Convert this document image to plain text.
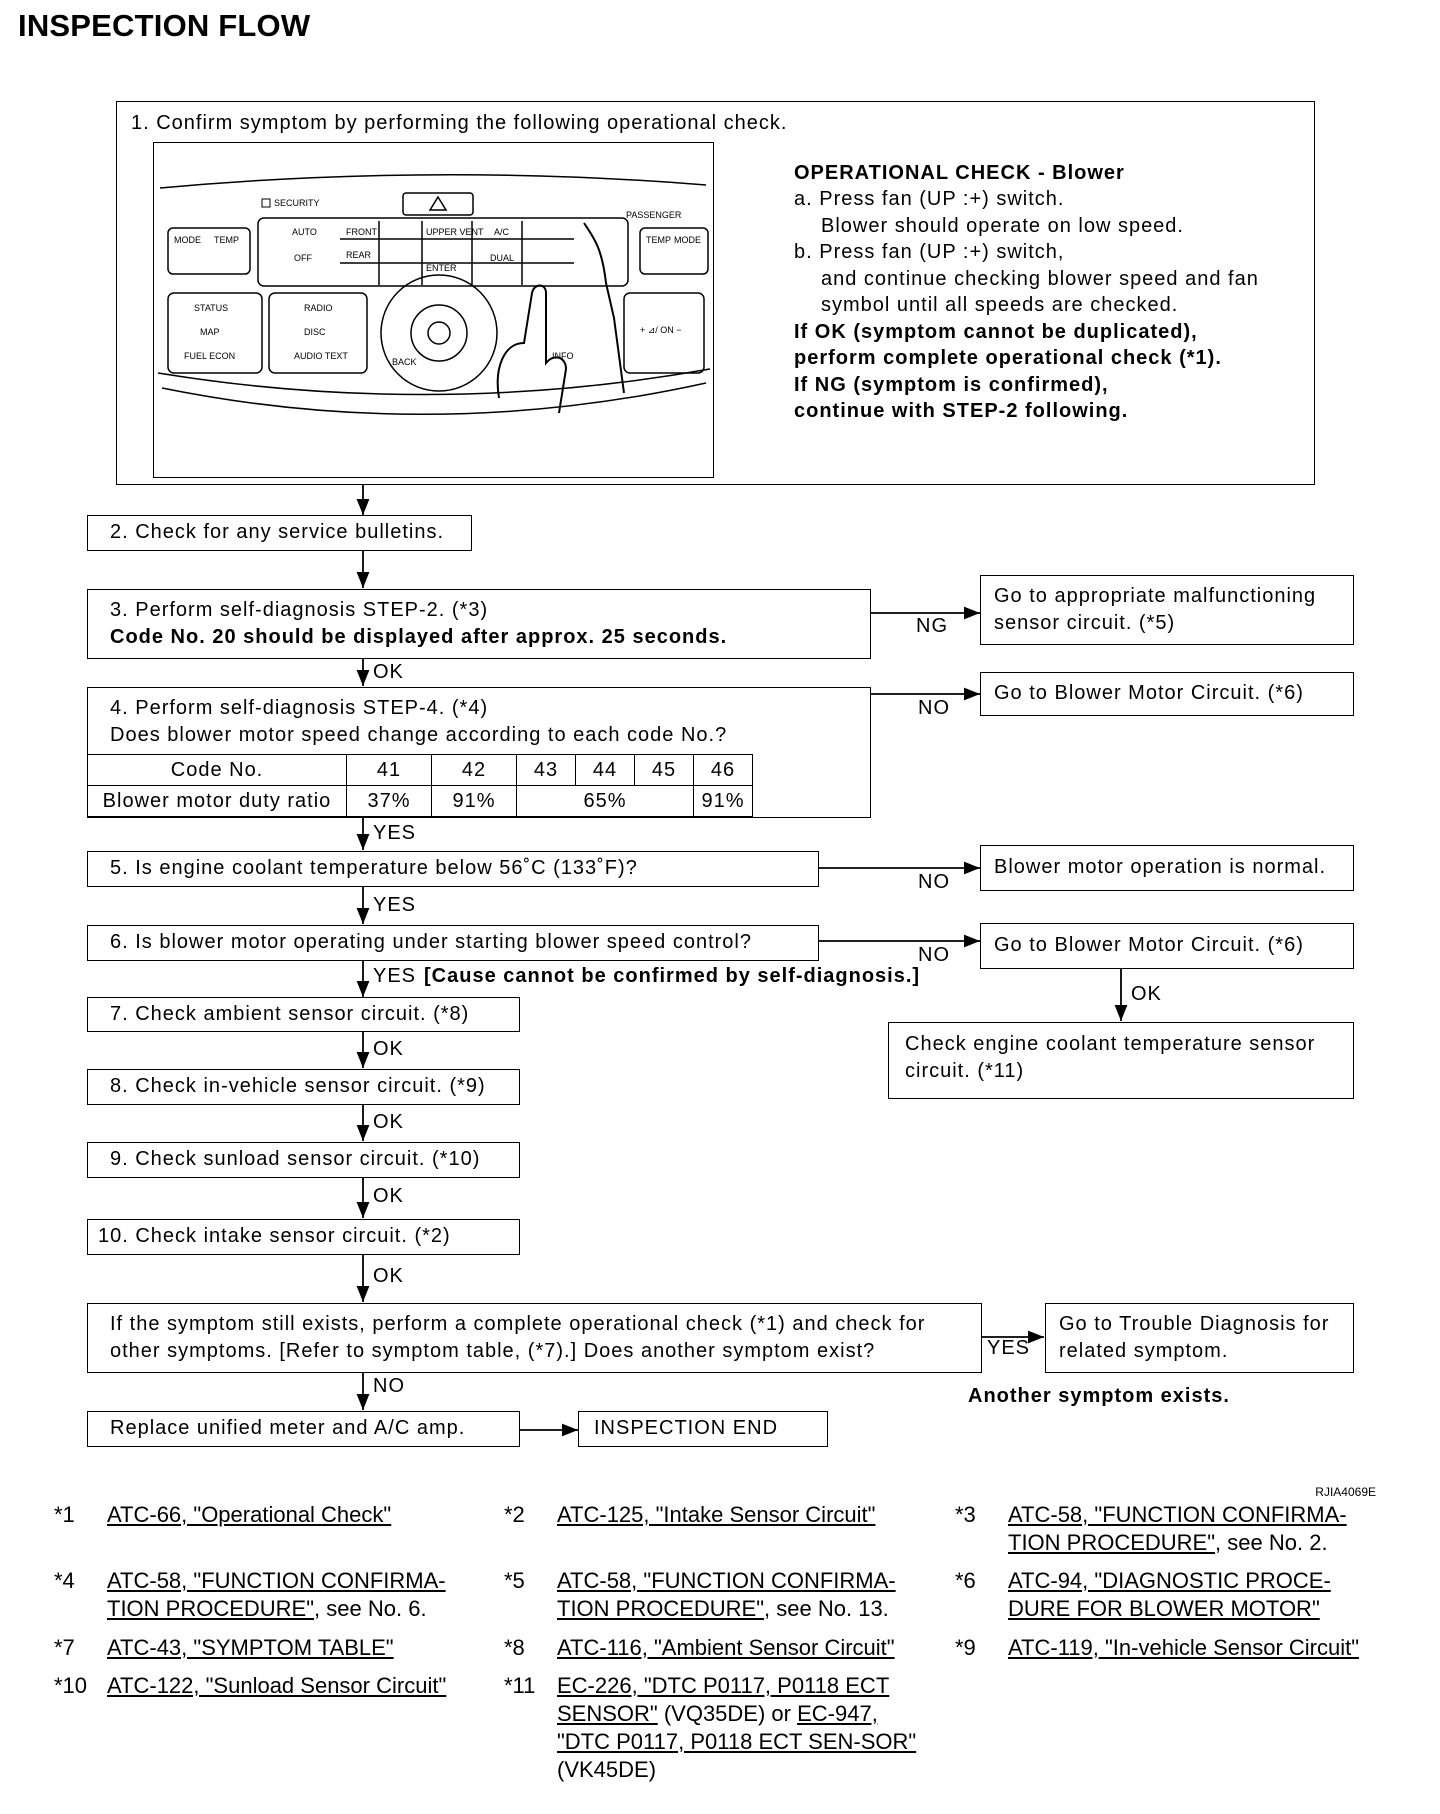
INSPECTION FLOW
1. Confirm symptom by performing the following operational check.
SECURITY
PASSENGER
MODE TEMP
AUTO
OFF
FRONT
REAR
UPPER VENT A/C
DUAL
TEMP MODE
STATUS
MAP
FUEL ECON
RADIO
DISC
AUDIO TEXT
ENTER
BACK
INFO
+ ⊿/ ON −
OPERATIONAL CHECK - Blower
a. Press fan (UP :+) switch.
Blower should operate on low speed.
b. Press fan (UP :+) switch,
and continue checking blower speed and fan
symbol until all speeds are checked.
If OK (symptom cannot be duplicated),
perform complete operational check (*1).
If NG (symptom is confirmed),
continue with STEP-2 following.
2. Check for any service bulletins.
3. Perform self-diagnosis STEP-2. (*3)
Code No. 20 should be displayed after approx. 25 seconds.	NG
Go to appropriate malfunctioning
sensor circuit. (*5)
OK
4. Perform self-diagnosis STEP-4. (*4)
Does blower motor speed change according to each code No.?
Code No.	41	42	43	44	45	46
Blower motor duty ratio	37%	91%	65%			91%
NO
Go to Blower Motor Circuit. (*6)
YES
5. Is engine coolant temperature below 56˚C (133˚F)?
NO
Blower motor operation is normal.
YES
6. Is blower motor operating under starting blower speed control?
NO Go to Blower Motor Circuit. (*6)
OK
Check engine coolant temperature sensor
circuit. (*11)
YES [Cause cannot be confirmed by self-diagnosis.]
7. Check ambient sensor circuit. (*8)
OK
8. Check in-vehicle sensor circuit. (*9)
OK
9. Check sunload sensor circuit. (*10)
OK
10. Check intake sensor circuit. (*2)
OK
If the symptom still exists, perform a complete operational check (*1) and check for
other symptoms. [Refer to symptom table, (*7).] Does another symptom exist?	YES
Go to Trouble Diagnosis for
related symptom.
Another symptom exists.
NO
Replace unified meter and A/C amp.	INSPECTION END
RJIA4069E
*1 ATC-66, "Operational Check"	*2 ATC-125, "Intake Sensor Circuit"	*3 ATC-58, "FUNCTION CONFIRMA-TION PROCEDURE", see No. 2.
*4 ATC-58, "FUNCTION CONFIRMA-TION PROCEDURE", see No. 6.
*5 ATC-58, "FUNCTION CONFIRMA-TION PROCEDURE", see No. 13.
*6 ATC-94, "DIAGNOSTIC PROCE-DURE FOR BLOWER MOTOR"
*7 ATC-43, "SYMPTOM TABLE"	*8 ATC-116, "Ambient Sensor Circuit"	*9 ATC-119, "In-vehicle Sensor Circuit"
*10 ATC-122, "Sunload Sensor Circuit"	*11 EC-226, "DTC P0117, P0118 ECT SENSOR" (VQ35DE) or EC-947, "DTC P0117, P0118 ECT SEN-SOR" (VK45DE)
